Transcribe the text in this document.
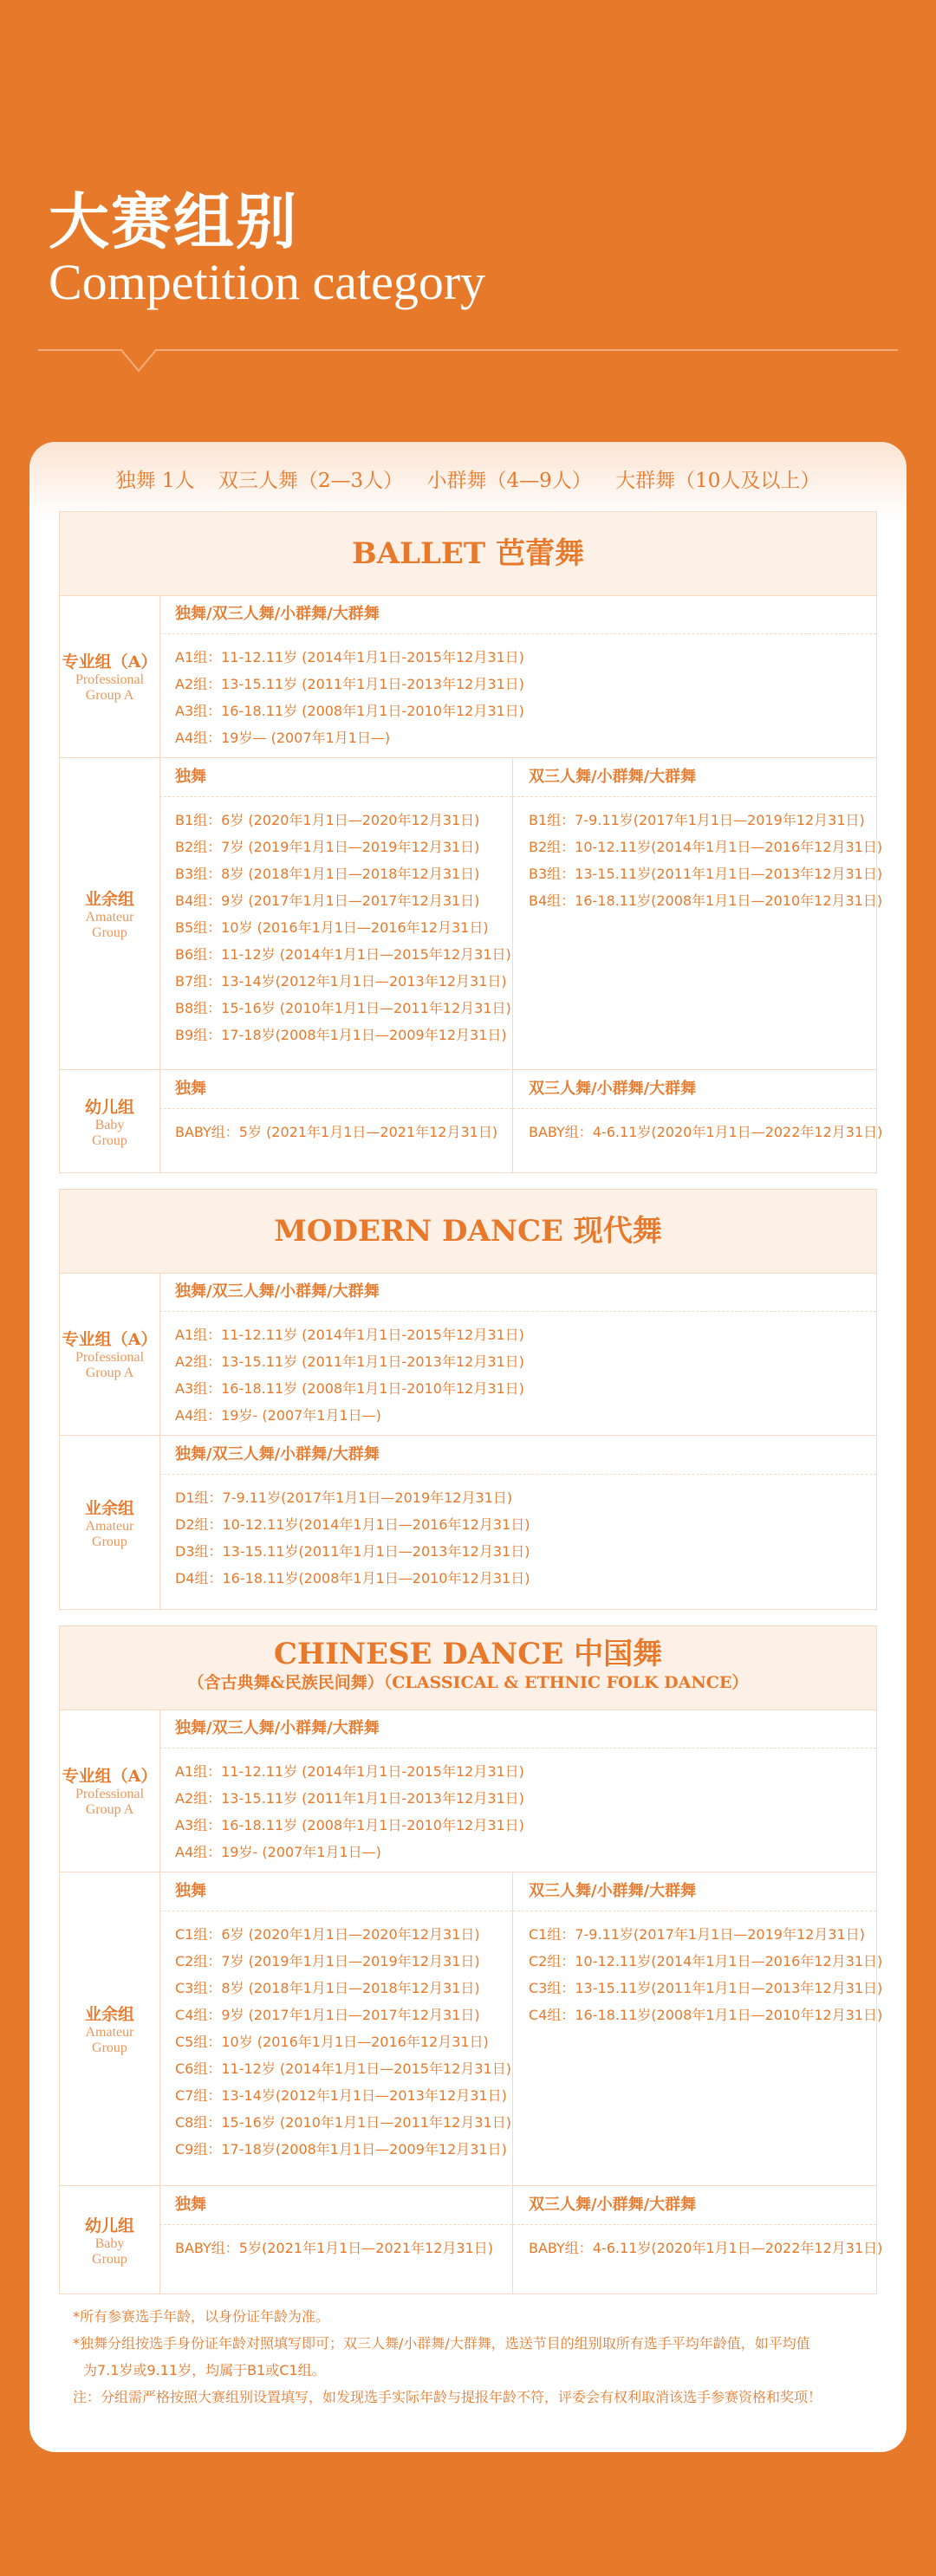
大赛组别
Competition category
独舞 1人 双三人舞（2—3人） 小群舞（4—9人） 大群舞（10人及以上）
BALLET 芭蕾舞
专业组（A）
Professional
Group A
独舞/双三人舞/小群舞/大群舞
A1组：11-12.11岁 (2014年1月1日-2015年12月31日)
A2组：13-15.11岁 (2011年1月1日-2013年12月31日)
A3组：16-18.11岁 (2008年1月1日-2010年12月31日)
A4组：19岁— (2007年1月1日—)
业余组
Amateur
Group
独舞
B1组：6岁 (2020年1月1日—2020年12月31日)
B2组：7岁 (2019年1月1日—2019年12月31日)
B3组：8岁 (2018年1月1日—2018年12月31日)
B4组：9岁 (2017年1月1日—2017年12月31日)
B5组：10岁 (2016年1月1日—2016年12月31日)
B6组：11-12岁 (2014年1月1日—2015年12月31日)
B7组：13-14岁(2012年1月1日—2013年12月31日)
B8组：15-16岁 (2010年1月1日—2011年12月31日)
B9组：17-18岁(2008年1月1日—2009年12月31日)
双三人舞/小群舞/大群舞
B1组：7-9.11岁(2017年1月1日—2019年12月31日)
B2组：10-12.11岁(2014年1月1日—2016年12月31日)
B3组：13-15.11岁(2011年1月1日—2013年12月31日)
B4组：16-18.11岁(2008年1月1日—2010年12月31日)
幼儿组
Baby
Group
独舞
BABY组：5岁 (2021年1月1日—2021年12月31日)
双三人舞/小群舞/大群舞
BABY组：4-6.11岁(2020年1月1日—2022年12月31日)
MODERN DANCE 现代舞
专业组（A）
Professional
Group A
独舞/双三人舞/小群舞/大群舞
A1组：11-12.11岁 (2014年1月1日-2015年12月31日)
A2组：13-15.11岁 (2011年1月1日-2013年12月31日)
A3组：16-18.11岁 (2008年1月1日-2010年12月31日)
A4组：19岁- (2007年1月1日—)
业余组
Amateur
Group
独舞/双三人舞/小群舞/大群舞
D1组：7-9.11岁(2017年1月1日—2019年12月31日)
D2组：10-12.11岁(2014年1月1日—2016年12月31日)
D3组：13-15.11岁(2011年1月1日—2013年12月31日)
D4组：16-18.11岁(2008年1月1日—2010年12月31日)
CHINESE DANCE 中国舞
（含古典舞&民族民间舞）（CLASSICAL & ETHNIC FOLK DANCE）
专业组（A）
Professional
Group A
独舞/双三人舞/小群舞/大群舞
A1组：11-12.11岁 (2014年1月1日-2015年12月31日)
A2组：13-15.11岁 (2011年1月1日-2013年12月31日)
A3组：16-18.11岁 (2008年1月1日-2010年12月31日)
A4组：19岁- (2007年1月1日—)
业余组
Amateur
Group
独舞
C1组：6岁 (2020年1月1日—2020年12月31日)
C2组：7岁 (2019年1月1日—2019年12月31日)
C3组：8岁 (2018年1月1日—2018年12月31日)
C4组：9岁 (2017年1月1日—2017年12月31日)
C5组：10岁 (2016年1月1日—2016年12月31日)
C6组：11-12岁 (2014年1月1日—2015年12月31日)
C7组：13-14岁(2012年1月1日—2013年12月31日)
C8组：15-16岁 (2010年1月1日—2011年12月31日)
C9组：17-18岁(2008年1月1日—2009年12月31日)
双三人舞/小群舞/大群舞
C1组：7-9.11岁(2017年1月1日—2019年12月31日)
C2组：10-12.11岁(2014年1月1日—2016年12月31日)
C3组：13-15.11岁(2011年1月1日—2013年12月31日)
C4组：16-18.11岁(2008年1月1日—2010年12月31日)
幼儿组
Baby
Group
独舞
BABY组：5岁(2021年1月1日—2021年12月31日)
双三人舞/小群舞/大群舞
BABY组：4-6.11岁(2020年1月1日—2022年12月31日)
*所有参赛选手年龄，以身份证年龄为准。
*独舞分组按选手身份证年龄对照填写即可；双三人舞/小群舞/大群舞，选送节目的组别取所有选手平均年龄值，如平均值
为7.1岁或9.11岁，均属于B1或C1组。
注：分组需严格按照大赛组别设置填写，如发现选手实际年龄与提报年龄不符，评委会有权利取消该选手参赛资格和奖项！
